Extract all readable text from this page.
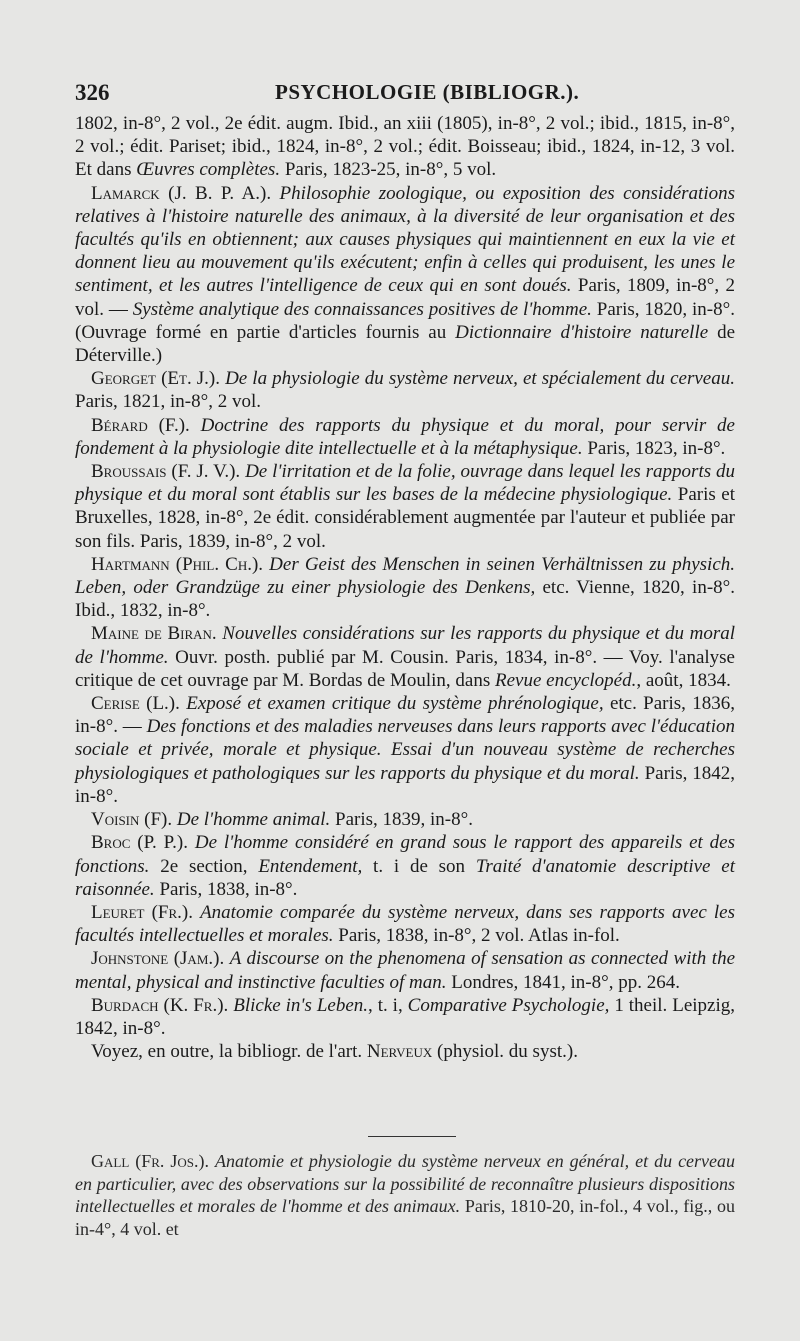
326	PSYCHOLOGIE (BIBLIOGR.).

1802, in-8°, 2 vol., 2e édit. augm. Ibid., an xiii (1805), in-8°, 2 vol.; ibid., 1815, in-8°, 2 vol.; édit. Pariset; ibid., 1824, in-8°, 2 vol.; édit. Boisseau; ibid., 1824, in-12, 3 vol. Et dans Œuvres complètes. Paris, 1823-25, in-8°, 5 vol.

Lamarck (J. B. P. A.). Philosophie zoologique, ou exposition des considérations relatives à l'histoire naturelle des animaux, à la diversité de leur organisation et des facultés qu'ils en obtiennent; aux causes physiques qui maintiennent en eux la vie et donnent lieu au mouvement qu'ils exécutent; enfin à celles qui produisent, les unes le sentiment, et les autres l'intelligence de ceux qui en sont doués. Paris, 1809, in-8°, 2 vol. — Système analytique des connaissances positives de l'homme. Paris, 1820, in-8°. (Ouvrage formé en partie d'articles fournis au Dictionnaire d'histoire naturelle de Déterville.)

Georget (Et. J.). De la physiologie du système nerveux, et spécialement du cerveau. Paris, 1821, in-8°, 2 vol.

Bérard (F.). Doctrine des rapports du physique et du moral, pour servir de fondement à la physiologie dite intellectuelle et à la métaphysique. Paris, 1823, in-8°.

Broussais (F. J. V.). De l'irritation et de la folie, ouvrage dans lequel les rapports du physique et du moral sont établis sur les bases de la médecine physiologique. Paris et Bruxelles, 1828, in-8°, 2e édit. considérablement augmentée par l'auteur et publiée par son fils. Paris, 1839, in-8°, 2 vol.

Hartmann (Phil. Ch.). Der Geist des Menschen in seinen Verhältnissen zu physich. Leben, oder Grandzüge zu einer physiologie des Denkens, etc. Vienne, 1820, in-8°. Ibid., 1832, in-8°.

Maine de Biran. Nouvelles considérations sur les rapports du physique et du moral de l'homme. Ouvr. posth. publié par M. Cousin. Paris, 1834, in-8°. — Voy. l'analyse critique de cet ouvrage par M. Bordas de Moulin, dans Revue encyclopéd., août, 1834.

Cerise (L.). Exposé et examen critique du système phrénologique, etc. Paris, 1836, in-8°. — Des fonctions et des maladies nerveuses dans leurs rapports avec l'éducation sociale et privée, morale et physique. Essai d'un nouveau système de recherches physiologiques et pathologiques sur les rapports du physique et du moral. Paris, 1842, in-8°.

Voisin (F). De l'homme animal. Paris, 1839, in-8°.

Broc (P. P.). De l'homme considéré en grand sous le rapport des appareils et des fonctions. 2e section, Entendement, t. i de son Traité d'anatomie descriptive et raisonnée. Paris, 1838, in-8°.

Leuret (Fr.). Anatomie comparée du système nerveux, dans ses rapports avec les facultés intellectuelles et morales. Paris, 1838, in-8°, 2 vol. Atlas in-fol.

Johnstone (Jam.). A discourse on the phenomena of sensation as connected with the mental, physical and instinctive faculties of man. Londres, 1841, in-8°, pp. 264.

Burdach (K. Fr.). Blicke in's Leben., t. i, Comparative Psychologie, 1 theil. Leipzig, 1842, in-8°.

Voyez, en outre, la bibliogr. de l'art. Nerveux (physiol. du syst.).

Gall (Fr. Jos.). Anatomie et physiologie du système nerveux en général, et du cerveau en particulier, avec des observations sur la possibilité de reconnaître plusieurs dispositions intellectuelles et morales de l'homme et des animaux. Paris, 1810-20, in-fol., 4 vol., fig., ou in-4°, 4 vol. et
